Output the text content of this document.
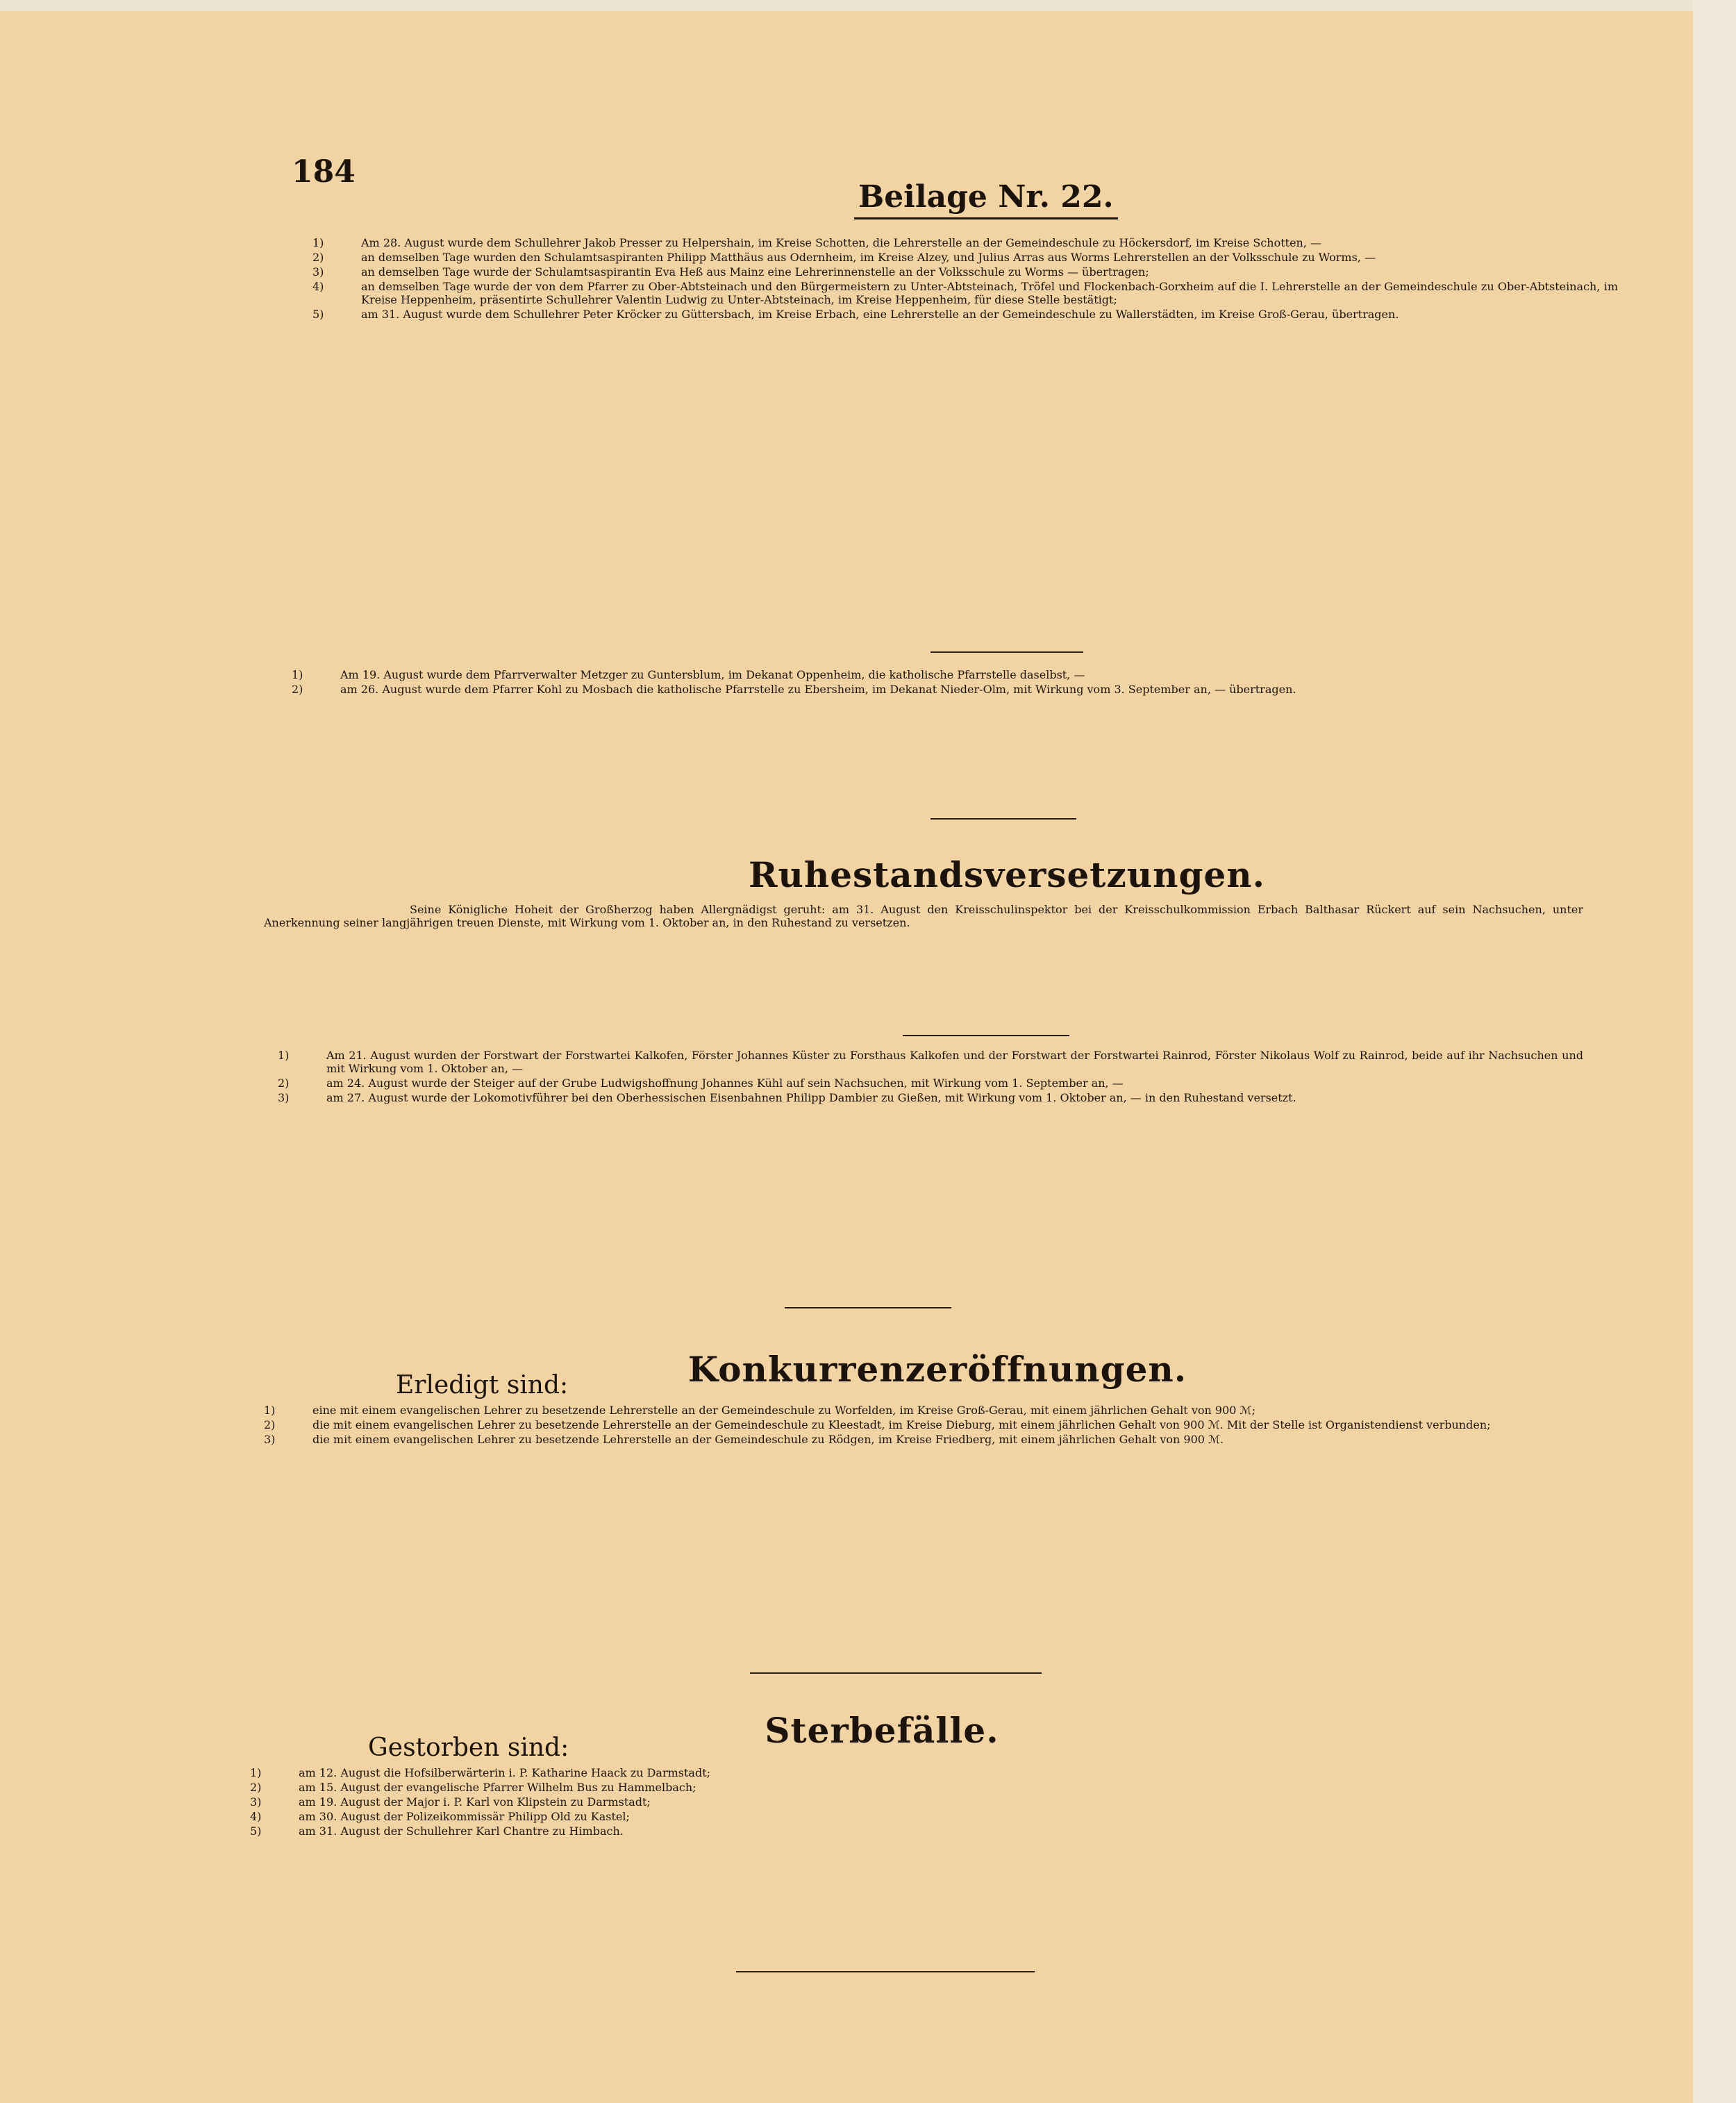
184
Beilage Nr. 22.
1)	Am 28. August wurde dem Schullehrer Jakob Presser zu Helpershain, im Kreise Schotten, die Lehrerstelle an der Gemeindeschule zu Höckersdorf, im Kreise Schotten, —
2)	an demselben Tage wurden den Schulamtsaspiranten Philipp Matthäus aus Odernheim, im Kreise Alzey, und Julius Arras aus Worms Lehrerstellen an der Volksschule zu Worms, —
3)	an demselben Tage wurde der Schulamtsaspirantin Eva Heß aus Mainz eine Lehrerinnenstelle an der Volksschule zu Worms — übertragen;
4)	an demselben Tage wurde der von dem Pfarrer zu Ober-Abtsteinach und den Bürgermeistern zu Unter-Abtsteinach, Tröfel und Flockenbach-Gorxheim auf die I. Lehrerstelle an der Gemeindeschule zu Ober-Abtsteinach, im Kreise Heppenheim, präsentirte Schullehrer Valentin Ludwig zu Unter-Abtsteinach, im Kreise Heppenheim, für diese Stelle bestätigt;
5)	am 31. August wurde dem Schullehrer Peter Kröcker zu Güttersbach, im Kreise Erbach, eine Lehrerstelle an der Gemeindeschule zu Wallerstädten, im Kreise Groß-Gerau, übertragen.
1)	Am 19. August wurde dem Pfarrverwalter Metzger zu Guntersblum, im Dekanat Oppenheim, die katholische Pfarrstelle daselbst, —
2)	am 26. August wurde dem Pfarrer Kohl zu Mosbach die katholische Pfarrstelle zu Ebersheim, im Dekanat Nieder-Olm, mit Wirkung vom 3. September an, — übertragen.
Ruhestandsversetzungen.
Seine Königliche Hoheit der Großherzog haben Allergnädigst geruht: am 31. August den Kreisschulinspektor bei der Kreisschulkommission Erbach Balthasar Rückert auf sein Nachsuchen, unter Anerkennung seiner langjährigen treuen Dienste, mit Wirkung vom 1. Oktober an, in den Ruhestand zu versetzen.
1)	Am 21. August wurden der Forstwart der Forstwartei Kalkofen, Förster Johannes Küster zu Forsthaus Kalkofen und der Forstwart der Forstwartei Rainrod, Förster Nikolaus Wolf zu Rainrod, beide auf ihr Nachsuchen und mit Wirkung vom 1. Oktober an, —
2)	am 24. August wurde der Steiger auf der Grube Ludwigshoffnung Johannes Kühl auf sein Nachsuchen, mit Wirkung vom 1. September an, —
3)	am 27. August wurde der Lokomotivführer bei den Oberhessischen Eisenbahnen Philipp Dambier zu Gießen, mit Wirkung vom 1. Oktober an, — in den Ruhestand versetzt.
Konkurrenzeröffnungen.
Erledigt sind:
1)	eine mit einem evangelischen Lehrer zu besetzende Lehrerstelle an der Gemeindeschule zu Worfelden, im Kreise Groß-Gerau, mit einem jährlichen Gehalt von 900 ℳ;
2)	die mit einem evangelischen Lehrer zu besetzende Lehrerstelle an der Gemeindeschule zu Kleestadt, im Kreise Dieburg, mit einem jährlichen Gehalt von 900 ℳ. Mit der Stelle ist Organistendienst verbunden;
3)	die mit einem evangelischen Lehrer zu besetzende Lehrerstelle an der Gemeindeschule zu Rödgen, im Kreise Friedberg, mit einem jährlichen Gehalt von 900 ℳ.
Sterbefälle.
Gestorben sind:
1)	am 12. August die Hofsilberwärterin i. P. Katharine Haack zu Darmstadt;
2)	am 15. August der evangelische Pfarrer Wilhelm Bus zu Hammelbach;
3)	am 19. August der Major i. P. Karl von Klipstein zu Darmstadt;
4)	am 30. August der Polizeikommissär Philipp Old zu Kastel;
5)	am 31. August der Schullehrer Karl Chantre zu Himbach.
